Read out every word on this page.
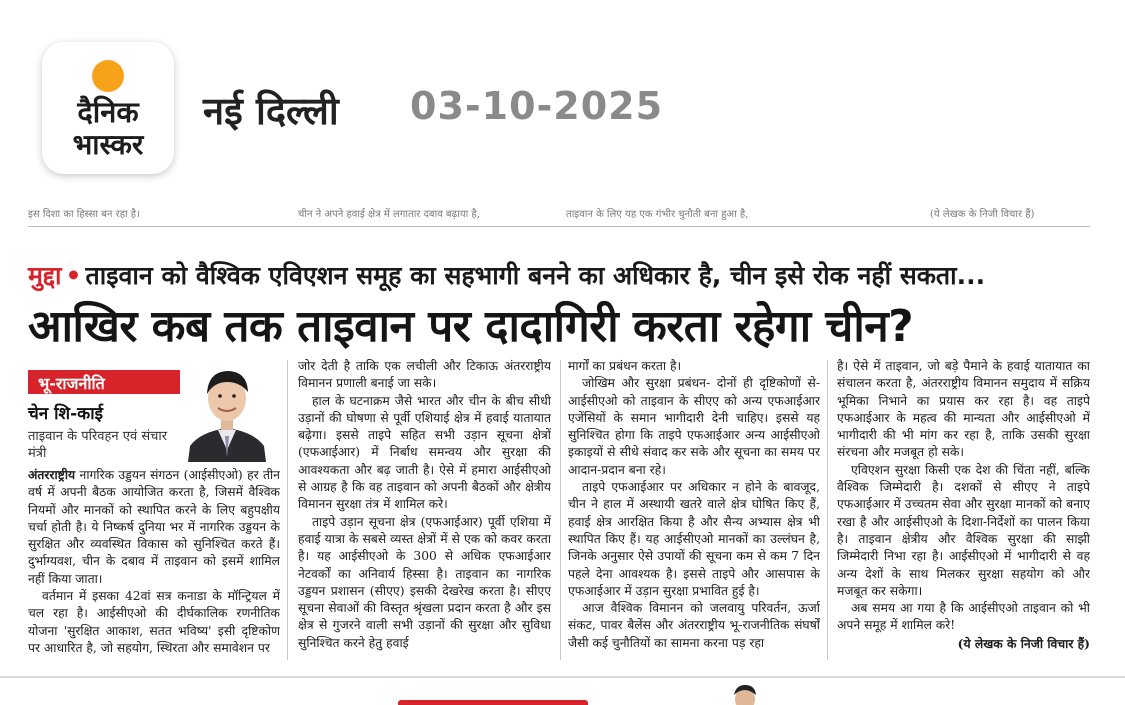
दैनिक
भास्कर
नई दिल्ली 03-10-2025
इस दिशा का हिस्सा बन रहा है।	चीन ने अपने हवाई क्षेत्र में लगातार दबाव बढ़ाया है,	ताइवान के लिए यह एक गंभीर चुनौती बना हुआ है,	(ये लेखक के निजी विचार हैं)
मुद्दा • ताइवान को वैश्विक एविएशन समूह का सहभागी बनने का अधिकार है, चीन इसे रोक नहीं सकता...
आखिर कब तक ताइवान पर दादागिरी करता रहेगा चीन?
भू-राजनीति
चेन शि-काई
ताइवान के परिवहन एवं संचार मंत्री

अंतरराष्ट्रीय नागरिक उड्डयन संगठन (आईसीएओ) हर तीन वर्ष में अपनी बैठक आयोजित करता है, जिसमें वैश्विक नियमों और मानकों को स्थापित करने के लिए बहुपक्षीय चर्चा होती है। ये निष्कर्ष दुनिया भर में नागरिक उड्डयन के सुरक्षित और व्यवस्थित विकास को सुनिश्चित करते हैं। दुर्भाग्यवश, चीन के दबाव में ताइवान को इसमें शामिल नहीं किया जाता।

वर्तमान में इसका 42वां सत्र कनाडा के मॉन्ट्रियल में चल रहा है। आईसीएओ की दीर्घकालिक रणनीतिक योजना 'सुरक्षित आकाश, सतत भविष्य' इसी दृष्टिकोण पर आधारित है, जो सहयोग, स्थिरता और समावेशन पर

जोर देती है ताकि एक लचीली और टिकाऊ अंतरराष्ट्रीय विमानन प्रणाली बनाई जा सके।

हाल के घटनाक्रम जैसे भारत और चीन के बीच सीधी उड़ानों की घोषणा से पूर्वी एशियाई क्षेत्र में हवाई यातायात बढ़ेगा। इससे ताइपे सहित सभी उड़ान सूचना क्षेत्रों (एफआईआर) में निर्बाध समन्वय और सुरक्षा की आवश्यकता और बढ़ जाती है। ऐसे में हमारा आईसीएओ से आग्रह है कि वह ताइवान को अपनी बैठकों और क्षेत्रीय विमानन सुरक्षा तंत्र में शामिल करे।

ताइपे उड़ान सूचना क्षेत्र (एफआईआर) पूर्वी एशिया में हवाई यात्रा के सबसे व्यस्त क्षेत्रों में से एक को कवर करता है। यह आईसीएओ के 300 से अधिक एफआईआर नेटवर्कों का अनिवार्य हिस्सा है। ताइवान का नागरिक उड्डयन प्रशासन (सीएए) इसकी देखरेख करता है। सीएए सूचना सेवाओं की विस्तृत श्रृंखला प्रदान करता है और इस क्षेत्र से गुजरने वाली सभी उड़ानों की सुरक्षा और सुविधा सुनिश्चित करने हेतु हवाई

मार्गों का प्रबंधन करता है।

जोखिम और सुरक्षा प्रबंधन- दोनों ही दृष्टिकोणों से- आईसीएओ को ताइवान के सीएए को अन्य एफआईआर एजेंसियों के समान भागीदारी देनी चाहिए। इससे यह सुनिश्चित होगा कि ताइपे एफआईआर अन्य आईसीएओ इकाइयों से सीधे संवाद कर सके और सूचना का समय पर आदान-प्रदान बना रहे।

ताइपे एफआईआर पर अधिकार न होने के बावजूद, चीन ने हाल में अस्थायी खतरे वाले क्षेत्र घोषित किए हैं, हवाई क्षेत्र आरक्षित किया है और सैन्य अभ्यास क्षेत्र भी स्थापित किए हैं। यह आईसीएओ मानकों का उल्लंघन है, जिनके अनुसार ऐसे उपायों की सूचना कम से कम 7 दिन पहले देना आवश्यक है। इससे ताइपे और आसपास के एफआईआर में उड़ान सुरक्षा प्रभावित हुई है।

आज वैश्विक विमानन को जलवायु परिवर्तन, ऊर्जा संकट, पावर बैलेंस और अंतरराष्ट्रीय भू-राजनीतिक संघर्षों जैसी कई चुनौतियों का सामना करना पड़ रहा

है। ऐसे में ताइवान, जो बड़े पैमाने के हवाई यातायात का संचालन करता है, अंतरराष्ट्रीय विमानन समुदाय में सक्रिय भूमिका निभाने का प्रयास कर रहा है। वह ताइपे एफआईआर के महत्व की मान्यता और आईसीएओ में भागीदारी की भी मांग कर रहा है, ताकि उसकी सुरक्षा संरचना और मजबूत हो सके।

एविएशन सुरक्षा किसी एक देश की चिंता नहीं, बल्कि वैश्विक जिम्मेदारी है। दशकों से सीएए ने ताइपे एफआईआर में उच्चतम सेवा और सुरक्षा मानकों को बनाए रखा है और आईसीएओ के दिशा-निर्देशों का पालन किया है। ताइवान क्षेत्रीय और वैश्विक सुरक्षा की साझी जिम्मेदारी निभा रहा है। आईसीएओ में भागीदारी से वह अन्य देशों के साथ मिलकर सुरक्षा सहयोग को और मजबूत कर सकेगा।

अब समय आ गया है कि आईसीएओ ताइवान को भी अपने समूह में शामिल करे!

(ये लेखक के निजी विचार हैं)
